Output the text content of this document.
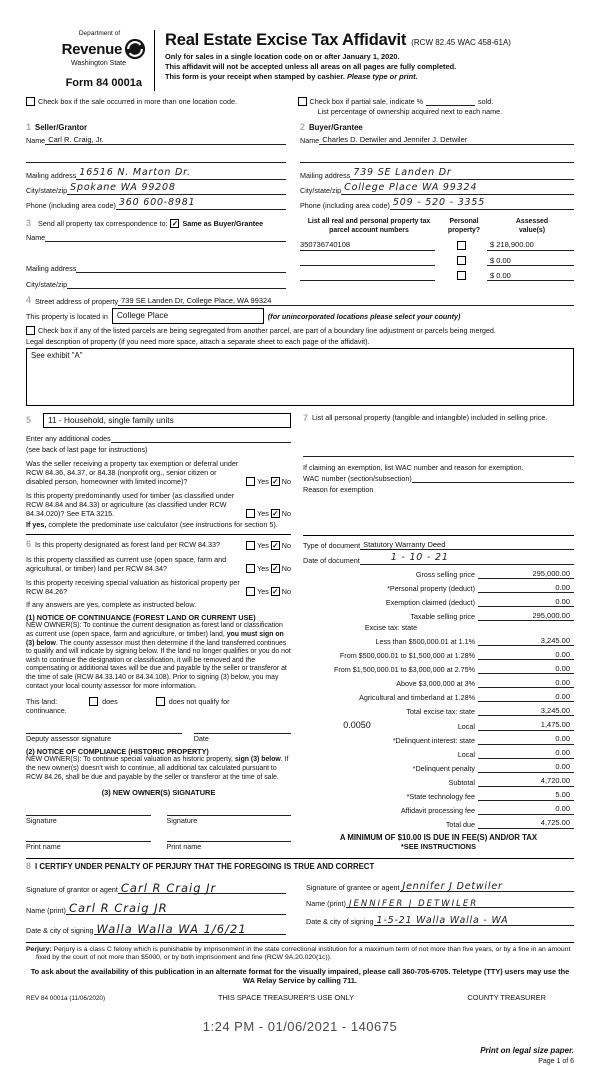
Department of
Revenue
Washington State
Form 84 0001a
Real Estate Excise Tax Affidavit (RCW 82.45 WAC 458-61A)
Only for sales in a single location code on or after January 1, 2020.
This affidavit will not be accepted unless all areas on all pages are fully completed.
This form is your receipt when stamped by cashier. Please type or print.
Check box if the sale occurred in more than one location code.	Check box if partial sale, indicate %	sold.
List percentage of ownership acquired next to each name.
1 Seller/Grantor
Name Carl R. Craig, Jr.
Mailing address 16516 N. Marton Dr.
City/state/zip Spokane WA 99208
Phone (including area code) 360 600-8981
2 Buyer/Grantee
Name Charles D. Detwiler and Jennifer J. Detwiler
Mailing address 739 SE Landen Dr
City/state/zip College Place WA 99324
Phone (including area code) 509 - 520 - 3355
3 Send all property tax correspondence to: ✓ Same as Buyer/Grantee
Name
Mailing address
City/state/zip
List all real and personal property tax parcel account numbers
Personal
property?
Assessed
value(s)
350736740108	$ 218,900.00
$ 0.00
$ 0.00
4 Street address of property 739 SE Landen Dr, College Place, WA 99324
This property is located in	College Place	(for unincorporated locations please select your county)
Check box if any of the listed parcels are being segregated from another parcel, are part of a boundary line adjustment or parcels being merged.
Legal description of property (if you need more space, attach a separate sheet to each page of the affidavit).
See exhibit "A"
5	11 - Household, single family units
Enter any additional codes
(see back of last page for instructions)
Was the seller receiving a property tax exemption or deferral under RCW 84.36, 84.37, or 84.38 (nonprofit org., senior citizen or disabled person, homeowner with limited income)?	Yes ✓ No
Is this property predominantly used for timber (as classified under RCW 84.84 and 84.33) or agriculture (as classified under RCW 84.34.020)? See ETA 3215.	Yes ✓ No
If yes, complete the predominate use calculator (see instructions for section 5).
6 Is this property designated as forest land per RCW 84.33?	Yes ✓ No
Is this property classified as current use (open space, farm and agricultural, or timber) land per RCW 84.34?	Yes ✓ No
Is this property receiving special valuation as historical property per RCW 84.26?	Yes ✓ No
If any answers are yes, complete as instructed below.
(1) NOTICE OF CONTINUANCE (FOREST LAND OR CURRENT USE)
NEW OWNER(S): To continue the current designation as forest land or classification as current use (open space, farm and agriculture, or timber) land, you must sign on (3) below. The county assessor must then determine if the land transferred continues to qualify and will indicate by signing below. If the land no longer qualifies or you do not wish to continue the designation or classification, it will be removed and the compensating or additional taxes will be due and payable by the seller or transferor at the time of sale (RCW 84.33.140 or 84.34.108). Prior to signing (3) below, you may contact your local county assessor for more information.
This land:	does	does not qualify for
continuance.
Deputy assessor signature	Date
(2) NOTICE OF COMPLIANCE (HISTORIC PROPERTY)
NEW OWNER(S): To continue special valuation as historic property, sign (3) below. If the new owner(s) doesn't wish to continue, all additional tax calculated pursuant to RCW 84.26, shall be due and payable by the seller or transferor at the time of sale.
(3) NEW OWNER(S) SIGNATURE
Signature	Signature
Print name	Print name
7 List all personal property (tangible and intangible) included in selling price.
If claiming an exemption, list WAC number and reason for exemption.
WAC number (section/subsection)
Reason for exemption
Type of document Statutory Warranty Deed
Date of document	1 - 10 - 21
Gross selling price	295,000.00
*Personal property (deduct)	0.00
Exemption claimed (deduct)	0.00
Taxable selling price	295,000.00
Excise tax: state
Less than $500,000.01 at 1.1%	3,245.00
From $500,000.01 to $1,500,000 at 1.28%	0.00
From $1,500,000.01 to $3,000,000 at 2.75%	0.00
Above $3,000,000 at 3%	0.00
Agricultural and timberland at 1.28%	0.00
Total excise tax: state	3,245.00
0.0050	Local	1,475.00
*Delinquent interest: state	0.00
Local	0.00
*Delinquent penalty	0.00
Subtotal	4,720.00
*State technology fee	5.00
Affidavit processing fee	0.00
Total due	4,725.00
A MINIMUM OF $10.00 IS DUE IN FEE(S) AND/OR TAX
*SEE INSTRUCTIONS
8 I CERTIFY UNDER PENALTY OF PERJURY THAT THE FOREGOING IS TRUE AND CORRECT
Signature of grantor or agent Carl R Craig Jr
Name (print) Carl R Craig JR
Date & city of signing Walla Walla WA 1/6/21
Signature of grantee or agent Jennifer J Detwiler
Name (print) JENNIFER J DETWILER
Date & city of signing 1-5-21 Walla Walla - WA
Perjury: Perjury is a class C felony which is punishable by imprisonment in the state correctional institution for a maximum term of not more than five years, or by a fine in an amount fixed by the court of not more than $5000, or by both imprisonment and fine (RCW 9A.20.020(1c)).
To ask about the availability of this publication in an alternate format for the visually impaired, please call 360-705-6705. Teletype (TTY) users may use the WA Relay Service by calling 711.
REV 84 0001a (11/06/2020)	THIS SPACE TREASURER'S USE ONLY	COUNTY TREASURER
1:24 PM - 01/06/2021 - 140675
Print on legal size paper.
Page 1 of 6
